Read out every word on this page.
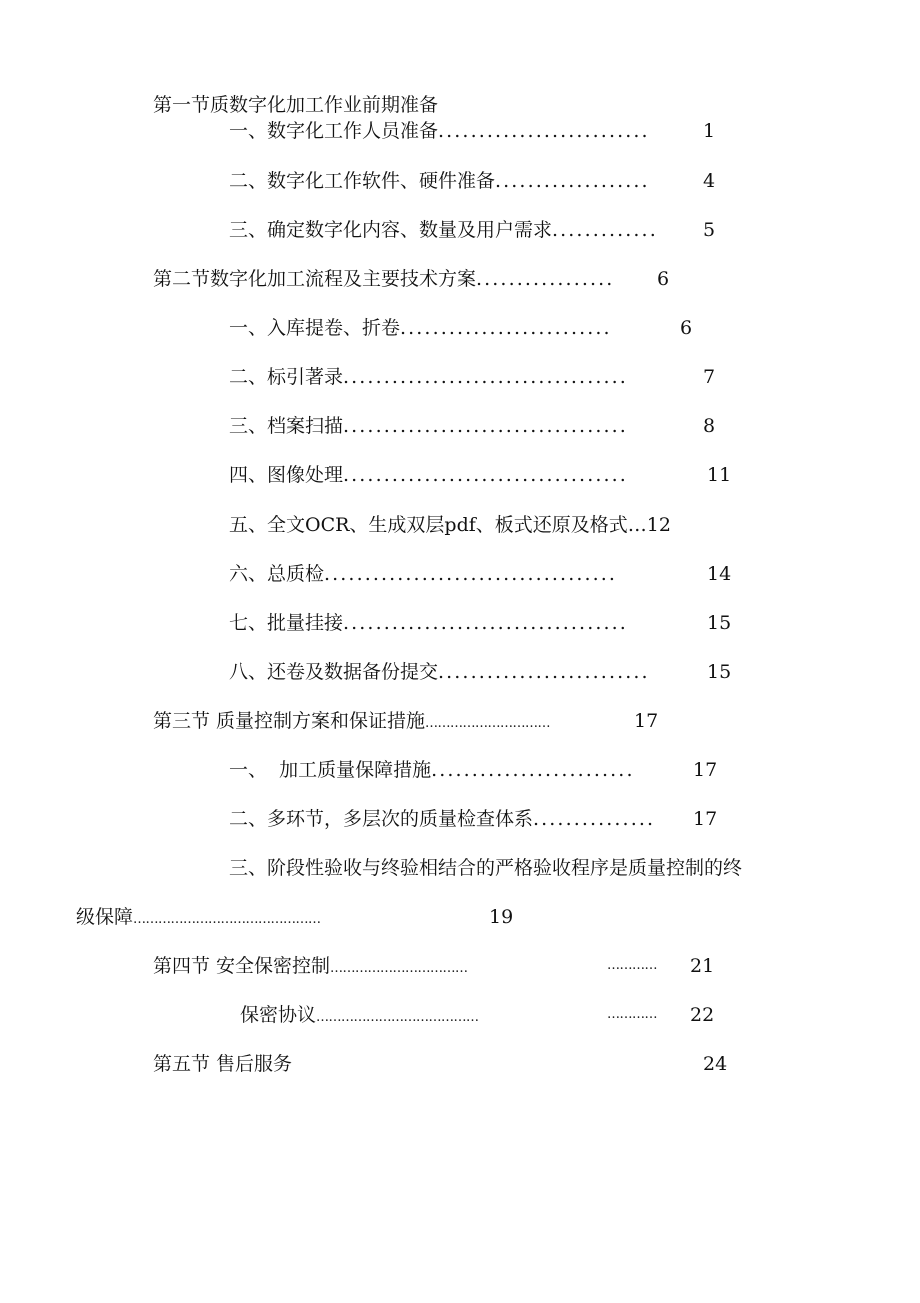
第一节质数字化加工作业前期准备
一、数字化工作人员准备..........................	1
二、数字化工作软件、硬件准备...................	4
三、确定数字化内容、数量及用户需求............. 5
第二节数字化加工流程及主要技术方案................. 6
一、入库提卷、折卷..........................	6
二、标引著录...................................	7
三、档案扫描...................................	8
四、图像处理...................................	11
五、全文OCR、生成双层pdf、板式还原及格式…12
六、总质检....................................	14
七、批量挂接...................................	15
八、还卷及数据备份提交..........................	15
第三节 质量控制方案和保证措施…………………………	17
一、  加工质量保障措施.........................	17
二、多环节，多层次的质量检查体系............... 17
三、阶段性验收与终验相结合的严格验收程序是质量控制的终
级保障………………………………………	19
第四节 安全保密控制……………………………	………… 21
保密协议…………………………………	………… 22
第五节 售后服务	24
